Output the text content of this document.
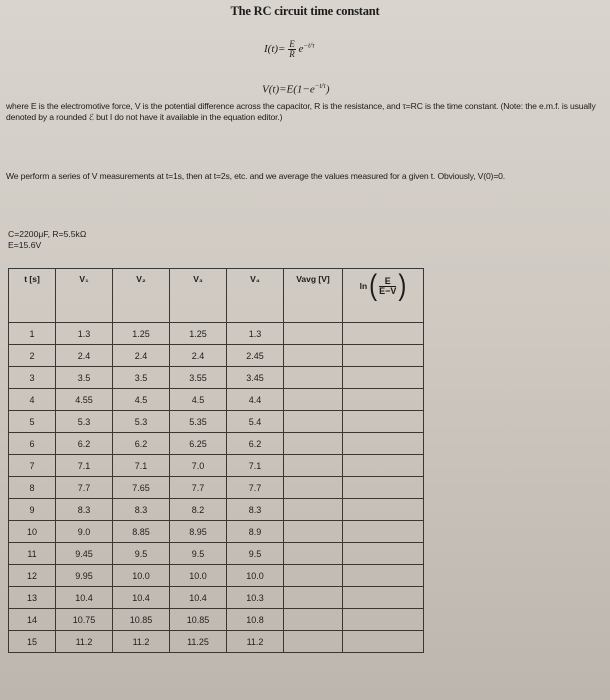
The RC circuit time constant
$I(t)= \frac{E}{R} e^{-t/\tau}$
$V(t)=E(1-e^{-t/\tau})$
where E is the electromotive force, V is the potential difference across the capacitor, R is the resistance, and τ=RC is the time constant. (Note: the e.m.f. is usually denoted by a rounded ℰ but I do not have it available in the equation editor.)
We perform a series of V measurements at t=1s, then at t=2s, etc. and we average the values measured for a given t. Obviously, V(0)=0.
C=2200μF, R=5.5kΩ
E=15.6V
t [s]	V₁	V₂	V₃	V₄	Vavg [V]	ln ( $\frac{E}{E-V}$ )

1	1.3	1.25	1.25	1.3		
2	2.4	2.4	2.4	2.45		
3	3.5	3.5	3.55	3.45		
4	4.55	4.5	4.5	4.4		
5	5.3	5.3	5.35	5.4		
6	6.2	6.2	6.25	6.2		
7	7.1	7.1	7.0	7.1		
8	7.7	7.65	7.7	7.7		
9	8.3	8.3	8.2	8.3		
10	9.0	8.85	8.95	8.9		
11	9.45	9.5	9.5	9.5		
12	9.95	10.0	10.0	10.0		
13	10.4	10.4	10.4	10.3		
14	10.75	10.85	10.85	10.8		
15	11.2	11.2	11.25	11.2		
